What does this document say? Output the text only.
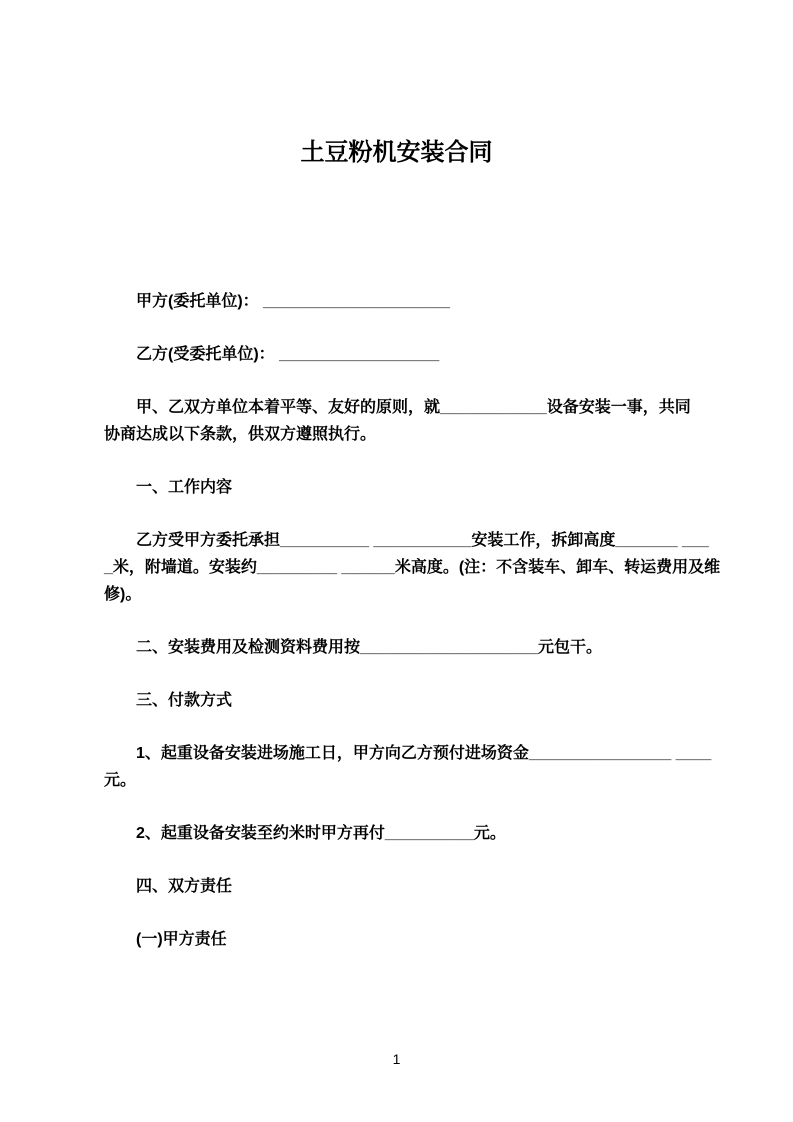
土豆粉机安装合同
甲方(委托单位)： _____________________
乙方(受委托单位)： __________________
甲、乙双方单位本着平等、友好的原则，就____________设备安装一事，共同
协商达成以下条款，供双方遵照执行。
一、工作内容
乙方受甲方委托承担__________ ___________安装工作，拆卸高度_______ ___
_米，附墙道。安装约_________ ______米高度。(注：不含装车、卸车、转运费用及维
修)。
二、安装费用及检测资料费用按____________________元包干。
三、付款方式
1、起重设备安装进场施工日，甲方向乙方预付进场资金________________ ____
元。
2、起重设备安装至约米时甲方再付__________元。
四、双方责任
(一)甲方责任
1
